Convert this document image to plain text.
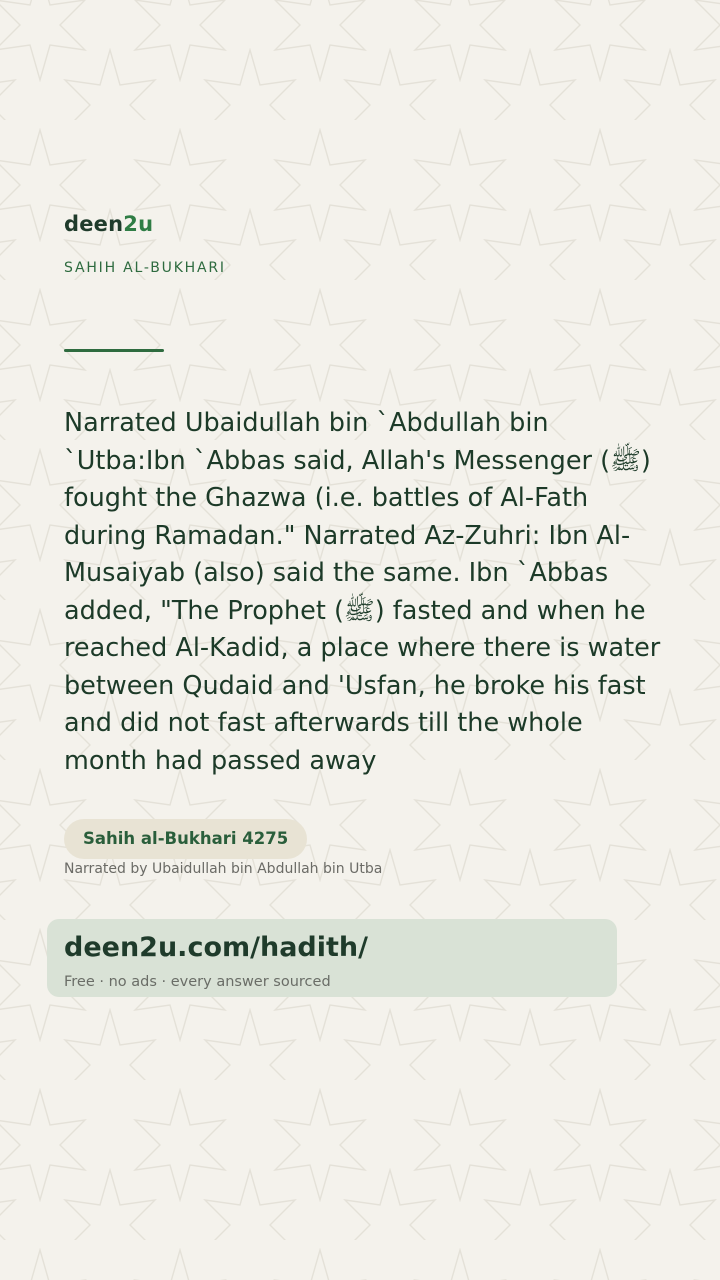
deen2u
SAHIH AL-BUKHARI

Narrated Ubaidullah bin `Abdullah bin `Utba:Ibn `Abbas said, Allah's Messenger (ﷺ) fought the Ghazwa (i.e. battles of Al-Fath during Ramadan." Narrated Az-Zuhri: Ibn Al-Musaiyab (also) said the same. Ibn `Abbas added, "The Prophet (ﷺ) fasted and when he reached Al-Kadid, a place where there is water between Qudaid and 'Usfan, he broke his fast and did not fast afterwards till the whole month had passed away

Sahih al-Bukhari 4275
Narrated by Ubaidullah bin Abdullah bin Utba
deen2u.com/hadith/
Free · no ads · every answer sourced
